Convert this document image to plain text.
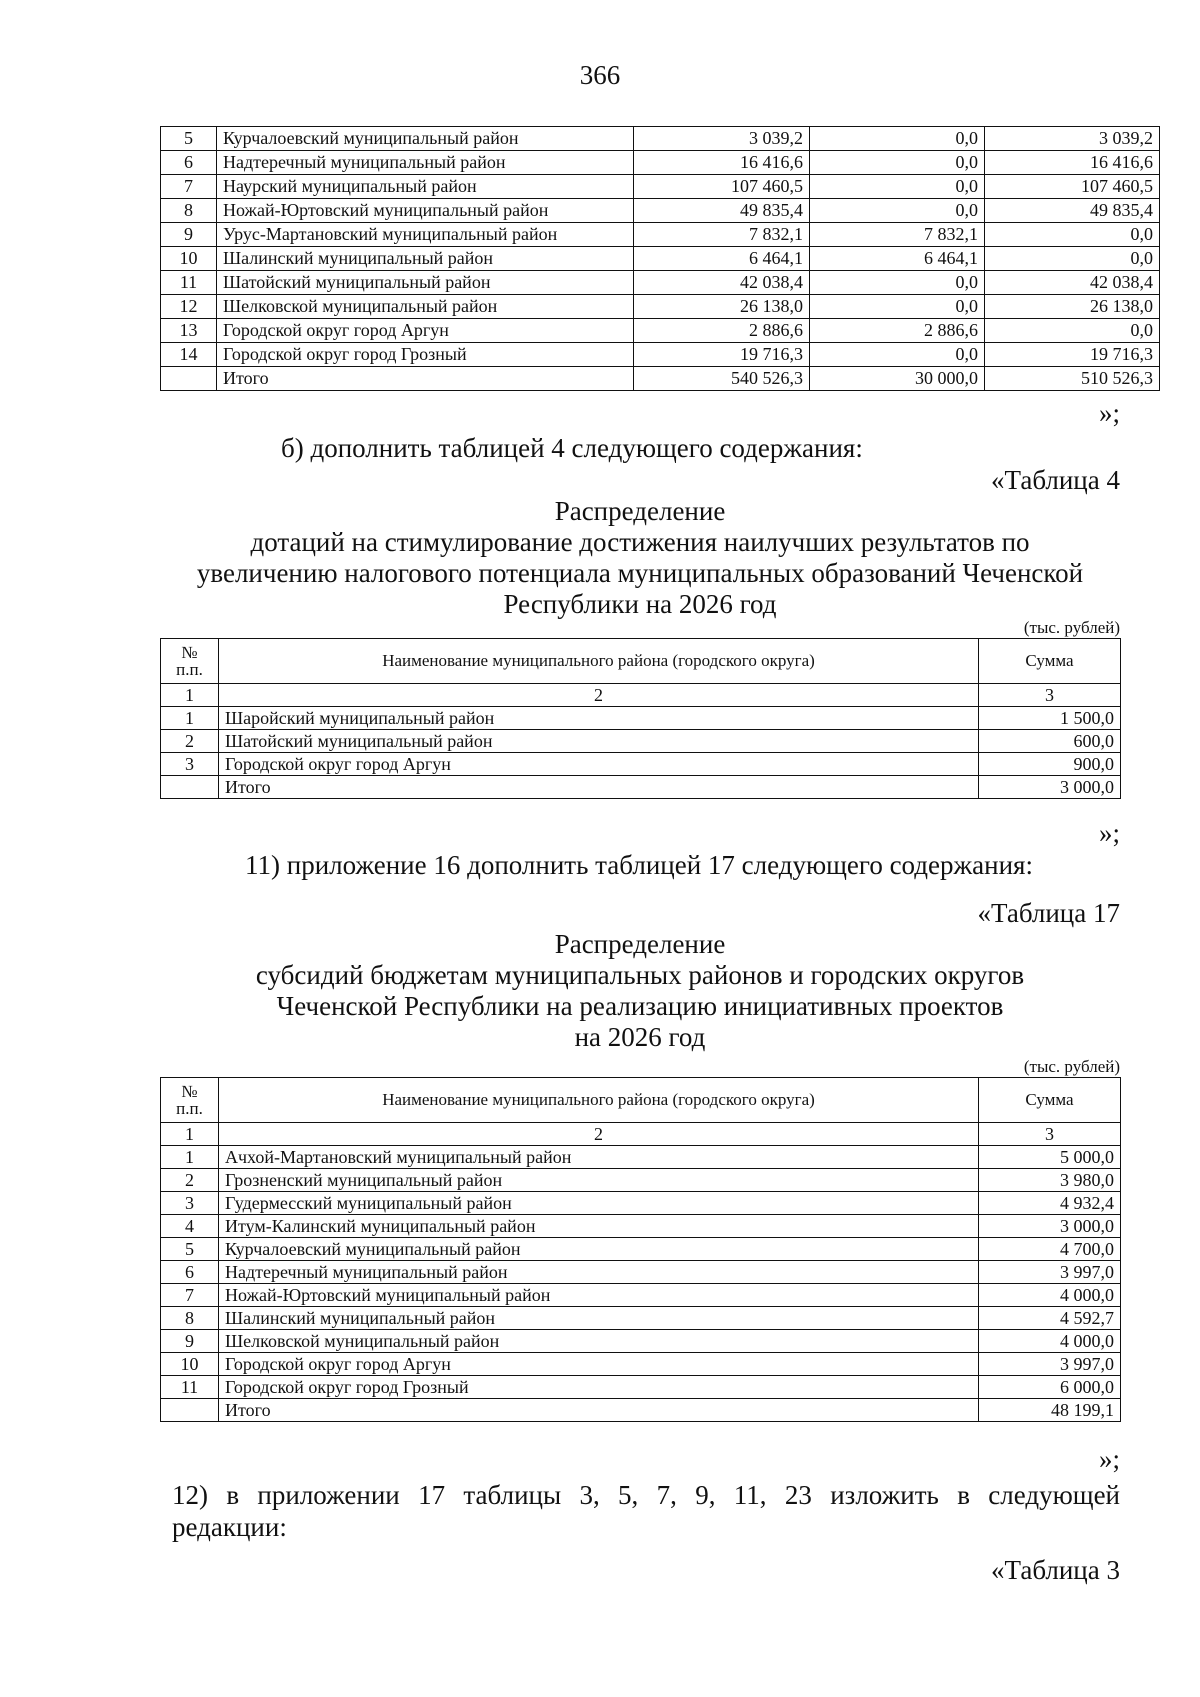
366
5	Курчалоевский муниципальный район	3 039,2	0,0	3 039,2
6	Надтеречный муниципальный район	16 416,6	0,0	16 416,6
7	Наурский муниципальный район	107 460,5	0,0	107 460,5
8	Ножай-Юртовский муниципальный район	49 835,4	0,0	49 835,4
9	Урус-Мартановский муниципальный район	7 832,1	7 832,1	0,0
10	Шалинский муниципальный район	6 464,1	6 464,1	0,0
11	Шатойский муниципальный район	42 038,4	0,0	42 038,4
12	Шелковской муниципальный район	26 138,0	0,0	26 138,0
13	Городской округ город Аргун	2 886,6	2 886,6	0,0
14	Городской округ город Грозный	19 716,3	0,0	19 716,3
	Итого	540 526,3	30 000,0	510 526,3
»;
б) дополнить таблицей 4 следующего содержания:
«Таблица 4
Распределение
дотаций на стимулирование достижения наилучших результатов по
увеличению налогового потенциала муниципальных образований Чеченской
Республики на 2026 год
(тыс. рублей)
№
п.п.	Наименование муниципального района (городского округа)	Сумма
1	2	3
1	Шаройский муниципальный район	1 500,0
2	Шатойский муниципальный район	600,0
3	Городской округ город Аргун	900,0
	Итого	3 000,0
»;
11) приложение 16 дополнить таблицей 17 следующего содержания:
«Таблица 17
Распределение
субсидий бюджетам муниципальных районов и городских округов
Чеченской Республики на реализацию инициативных проектов
на 2026 год
(тыс. рублей)
№
п.п.	Наименование муниципального района (городского округа)	Сумма
1	2	3
1	Ачхой-Мартановский муниципальный район	5 000,0
2	Грозненский муниципальный район	3 980,0
3	Гудермесский муниципальный район	4 932,4
4	Итум-Калинский муниципальный район	3 000,0
5	Курчалоевский муниципальный район	4 700,0
6	Надтеречный муниципальный район	3 997,0
7	Ножай-Юртовский муниципальный район	4 000,0
8	Шалинский муниципальный район	4 592,7
9	Шелковской муниципальный район	4 000,0
10	Городской округ город Аргун	3 997,0
11	Городской округ город Грозный	6 000,0
	Итого	48 199,1
»;
12) в приложении 17 таблицы 3, 5, 7, 9, 11, 23 изложить в следующей
редакции:
«Таблица 3
